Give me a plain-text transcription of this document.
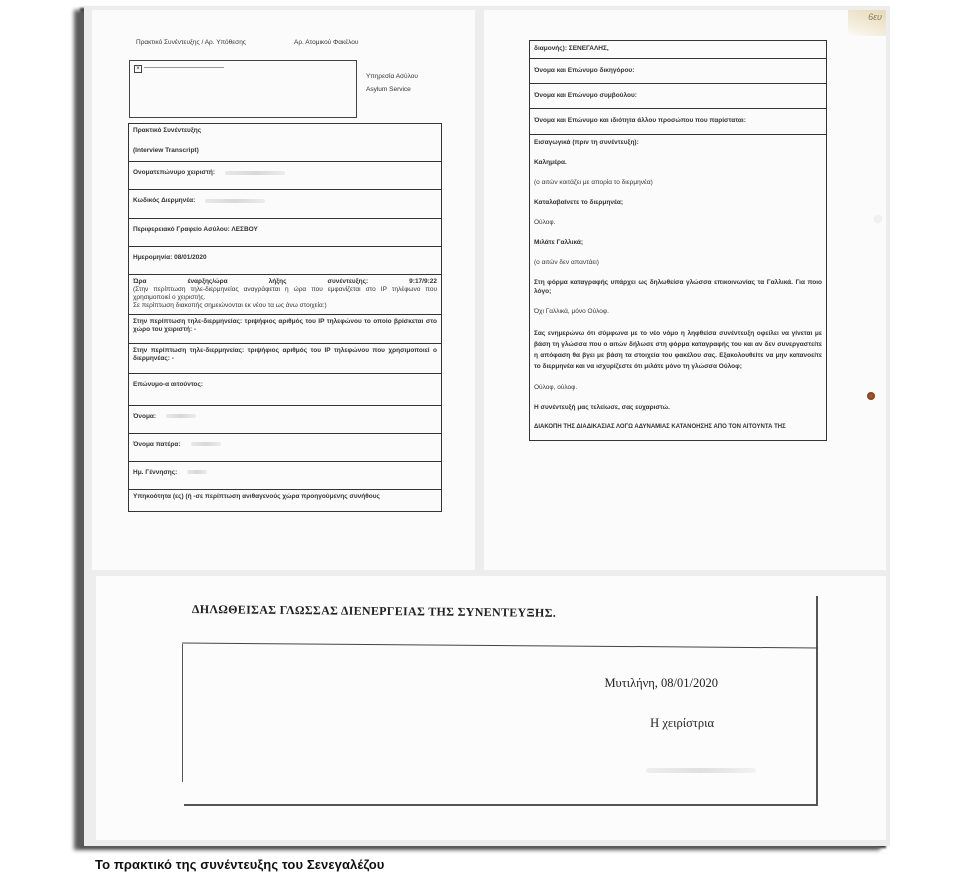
Πρακτικό Συνέντευξης / Αρ. Υπόθεσης	Αρ. Ατομικού Φακέλου
×
Υπηρεσία Ασύλου
Asylum Service
Πρακτικό Συνέντευξης
(Interview Transcript)
Ονοματεπώνυμο χειριστή:
Κωδικός Διερμηνέα:
Περιφερειακό Γραφείο Ασύλου: ΛΕΣΒΟΥ
Ημερομηνία: 08/01/2020
Ώρα έναρξης/ώρα λήξης συνέντευξης: 9:17/9:22
(Στην περίπτωση τηλε-διερμηνείας αναγράφεται η ώρα που εμφανίζεται στο IP τηλέφωνο που χρησιμοποιεί ο χειριστής.
Σε περίπτωση διακοπής σημειώνονται εκ νέου τα ως άνω στοιχεία:)
Στην περίπτωση τηλε-διερμηνείας: τριψήφιος αριθμός του IP τηλεφώνου το οποίο βρίσκεται στο χώρο του χειριστή: -
Στην περίπτωση τηλε-διερμηνείας: τριψήφιος αριθμός του IP τηλεφώνου που χρησιμοποιεί ο διερμηνέας: -
Επώνυμο-α αιτούντος:
Όνομα:
Όνομα πατέρα:
Ημ. Γέννησης:
Υπηκοότητα (ες) (ή -σε περίπτωση ανιθαγενούς χώρα προηγούμενης συνήθους
6ευ
διαμονής): ΣΕΝΕΓΑΛΗΣ,
Όνομα και Επώνυμο δικηγόρου:
Όνομα και Επώνυμο συμβούλου:
Όνομα και Επώνυμο και ιδιότητα άλλου προσώπου που παρίσταται:

Εισαγωγικά (πριν τη συνέντευξη):

Καλημέρα.

(ο αιτών κοιτάζει με απορία το διερμηνέα)

Καταλαβαίνετε το διερμηνέα;

Ούλοφ.

Μιλάτε Γαλλικά;

(ο αιτών δεν απαντάει)

Στη φόρμα καταγραφής υπάρχει ως δηλωθείσα γλώσσα επικοινωνίας τα Γαλλικά. Για ποιο λόγο;

Όχι Γαλλικά, μόνο Ούλοφ.

Σας ενημερώνω ότι σύμφωνα με το νέο νόμο η ληφθείσα συνέντευξη οφείλει να γίνεται με βάση τη γλώσσα που ο αιτών δήλωσε στη φόρμα καταγραφής του και αν δεν συνεργαστείτε η απόφαση θα βγει με βάση τα στοιχεία του φακέλου σας. Εξακολουθείτε να μην κατανοείτε το διερμηνέα και να ισχυρίζεστε ότι μιλάτε μόνο τη γλώσσα Ούλοφ;

Ούλοφ, ούλοφ.

Η συνέντευξή μας τελείωσε, σας ευχαριστώ.

ΔΙΑΚΟΠΗ ΤΗΣ ΔΙΑΔΙΚΑΣΙΑΣ ΛΟΓΩ ΑΔΥΝΑΜΙΑΣ ΚΑΤΑΝΟΗΣΗΣ ΑΠΟ ΤΟΝ ΑΙΤΟΥΝΤΑ ΤΗΣ

ΔΗΛΩΘΕΙΣΑΣ ΓΛΩΣΣΑΣ ΔΙΕΝΕΡΓΕΙΑΣ ΤΗΣ ΣΥΝΕΝΤΕΥΞΗΣ.
Μυτιλήνη, 08/01/2020
Η χειρίστρια
Το πρακτικό της συνέντευξης του Σενεγαλέζου
